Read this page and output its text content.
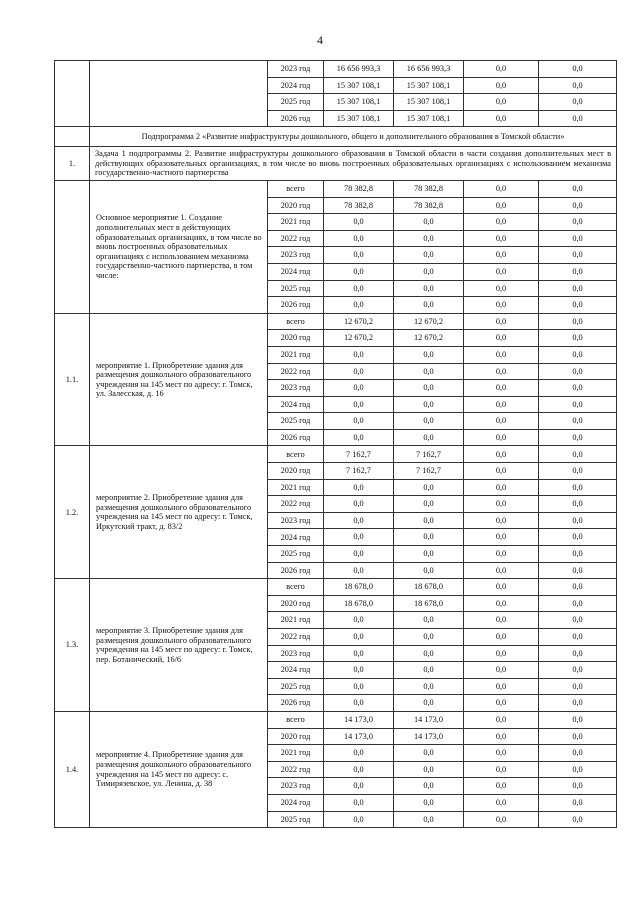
4
		2023 год	16 656 993,3	16 656 993,3	0,0	0,0
		2024 год	15 307 108,1	15 307 108,1	0,0	0,0
		2025 год	15 307 108,1	15 307 108,1	0,0	0,0
		2026 год	15 307 108,1	15 307 108,1	0,0	0,0
	Подпрограмма 2 «Развитие инфраструктуры дошкольного, общего и дополнительного образования в Томской области»					
1.	Задача 1 подпрограммы 2. Развитие инфраструктуры дошкольного образования в Томской области в части создания дополнительных мест в действующих образовательных организациях, в том числе во вновь построенных образовательных организациях с использованием механизма государственно-частного партнерства					
	Основное мероприятие 1. Создание дополнительных мест в действующих образовательных организациях, в том числе во вновь построенных образовательных организациях с использованием механизма государственно-частного партнерства, в том числе:	всего	78 382,8	78 382,8	0,0	0,0
		2020 год	78 382,8	78 382,8	0,0	0,0
		2021 год	0,0	0,0	0,0	0,0
		2022 год	0,0	0,0	0,0	0,0
		2023 год	0,0	0,0	0,0	0,0
		2024 год	0,0	0,0	0,0	0,0
		2025 год	0,0	0,0	0,0	0,0
		2026 год	0,0	0,0	0,0	0,0
1.1.	мероприятие 1. Приобретение здания для размещения дошкольного образовательного учреждения на 145 мест по адресу: г. Томск, ул. Залесская, д. 16	всего	12 670,2	12 670,2	0,0	0,0
		2020 год	12 670,2	12 670,2	0,0	0,0
		2021 год	0,0	0,0	0,0	0,0
		2022 год	0,0	0,0	0,0	0,0
		2023 год	0,0	0,0	0,0	0,0
		2024 год	0,0	0,0	0,0	0,0
		2025 год	0,0	0,0	0,0	0,0
		2026 год	0,0	0,0	0,0	0,0
1.2.	мероприятие 2. Приобретение здания для размещения дошкольного образовательного учреждения на 145 мест по адресу: г. Томск, Иркутский тракт, д. 83/2	всего	7 162,7	7 162,7	0,0	0,0
		2020 год	7 162,7	7 162,7	0,0	0,0
		2021 год	0,0	0,0	0,0	0,0
		2022 год	0,0	0,0	0,0	0,0
		2023 год	0,0	0,0	0,0	0,0
		2024 год	0,0	0,0	0,0	0,0
		2025 год	0,0	0,0	0,0	0,0
		2026 год	0,0	0,0	0,0	0,0
1.3.	мероприятие 3. Приобретение здания для размещения дошкольного образовательного учреждения на 145 мест по адресу: г. Томск, пер. Ботанический, 16/6	всего	18 678,0	18 678,0	0,0	0,0
		2020 год	18 678,0	18 678,0	0,0	0,0
		2021 год	0,0	0,0	0,0	0,0
		2022 год	0,0	0,0	0,0	0,0
		2023 год	0,0	0,0	0,0	0,0
		2024 год	0,0	0,0	0,0	0,0
		2025 год	0,0	0,0	0,0	0,0
		2026 год	0,0	0,0	0,0	0,0
1.4.	мероприятие 4. Приобретение здания для размещения дошкольного образовательного учреждения на 145 мест по адресу: с. Тимирязевское, ул. Ленина, д. 38	всего	14 173,0	14 173,0	0,0	0,0
		2020 год	14 173,0	14 173,0	0,0	0,0
		2021 год	0,0	0,0	0,0	0,0
		2022 год	0,0	0,0	0,0	0,0
		2023 год	0,0	0,0	0,0	0,0
		2024 год	0,0	0,0	0,0	0,0
		2025 год	0,0	0,0	0,0	0,0
